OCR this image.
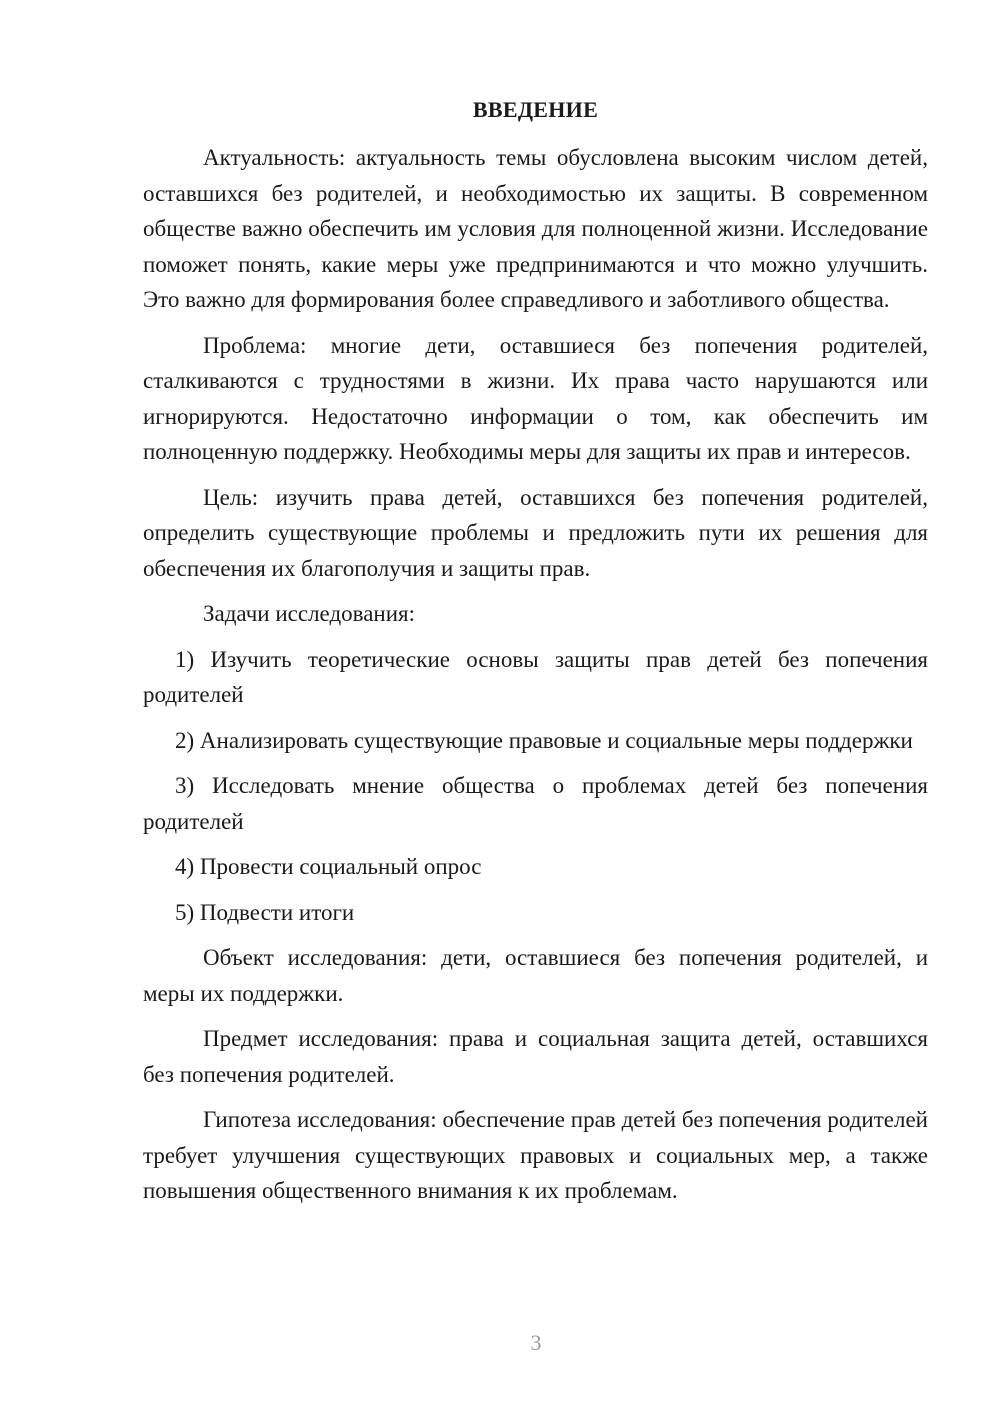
ВВЕДЕНИЕ

Актуальность: актуальность темы обусловлена высоким числом детей, оставшихся без родителей, и необходимостью их защиты. В современном обществе важно обеспечить им условия для полноценной жизни. Исследование поможет понять, какие меры уже предпринимаются и что можно улучшить. Это важно для формирования более справедливого и заботливого общества.

Проблема: многие дети, оставшиеся без попечения родителей, сталкиваются с трудностями в жизни. Их права часто нарушаются или игнорируются. Недостаточно информации о том, как обеспечить им полноценную поддержку. Необходимы меры для защиты их прав и интересов.

Цель: изучить права детей, оставшихся без попечения родителей, определить существующие проблемы и предложить пути их решения для обеспечения их благополучия и защиты прав.

Задачи исследования:

1) Изучить теоретические основы защиты прав детей без попечения родителей

2) Анализировать существующие правовые и социальные меры поддержки

3) Исследовать мнение общества о проблемах детей без попечения родителей

4) Провести социальный опрос

5) Подвести итоги

Объект исследования: дети, оставшиеся без попечения родителей, и меры их поддержки.

Предмет исследования: права и социальная защита детей, оставшихся без попечения родителей.

Гипотеза исследования: обеспечение прав детей без попечения родителей требует улучшения существующих правовых и социальных мер, а также повышения общественного внимания к их проблемам.

3
